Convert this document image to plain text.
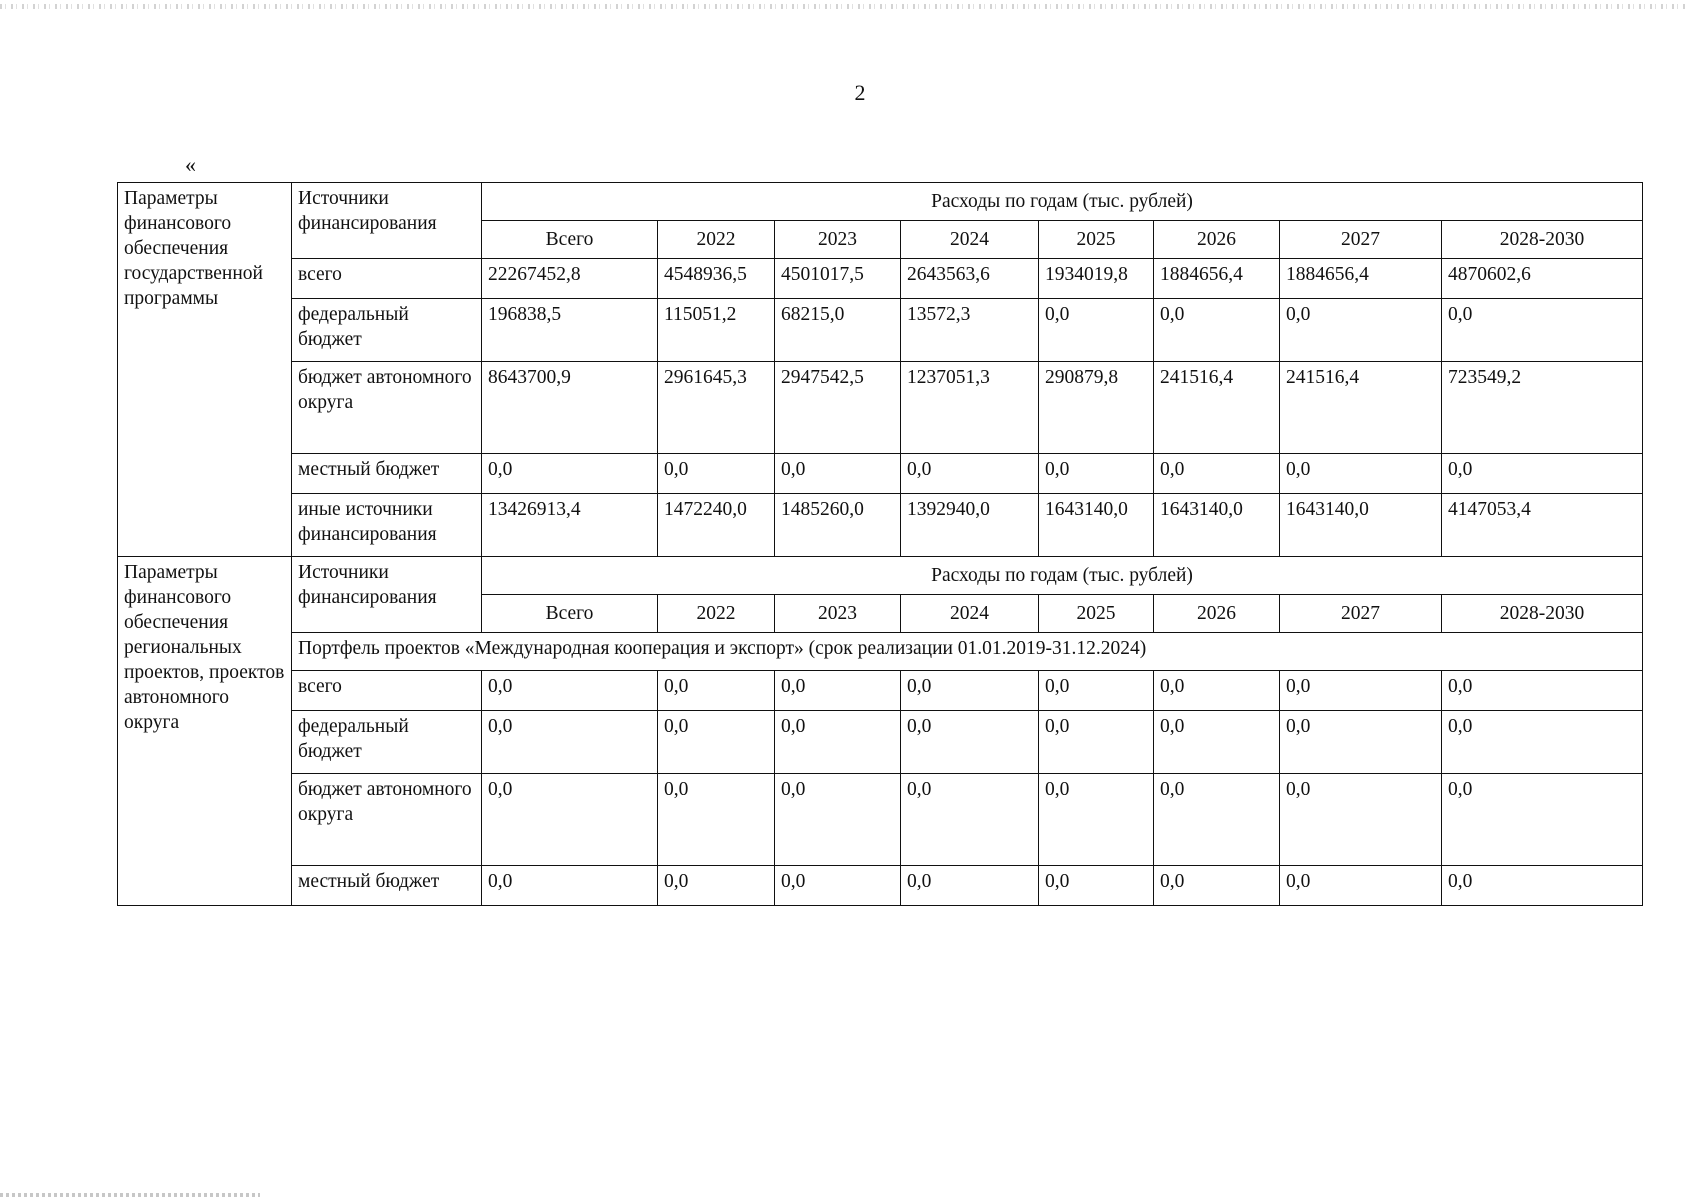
2
«
Параметры финансового обеспечения государственной программы	Источники финансирования	Расходы по годам (тыс. рублей)							
		Всего	2022	2023	2024	2025	2026	2027	2028-2030
	всего	22267452,8	4548936,5	4501017,5	2643563,6	1934019,8	1884656,4	1884656,4	4870602,6
	федеральный бюджет	196838,5	115051,2	68215,0	13572,3	0,0	0,0	0,0	0,0
	бюджет автономного округа	8643700,9	2961645,3	2947542,5	1237051,3	290879,8	241516,4	241516,4	723549,2
	местный бюджет	0,0	0,0	0,0	0,0	0,0	0,0	0,0	0,0
	иные источники финансирования	13426913,4	1472240,0	1485260,0	1392940,0	1643140,0	1643140,0	1643140,0	4147053,4
Параметры финансового обеспечения региональных проектов, проектов автономного округа	Источники финансирования	Расходы по годам (тыс. рублей)							
		Всего	2022	2023	2024	2025	2026	2027	2028-2030
	Портфель проектов «Международная кооперация и экспорт» (срок реализации 01.01.2019-31.12.2024)								
	всего	0,0	0,0	0,0	0,0	0,0	0,0	0,0	0,0
	федеральный бюджет	0,0	0,0	0,0	0,0	0,0	0,0	0,0	0,0
	бюджет автономного округа	0,0	0,0	0,0	0,0	0,0	0,0	0,0	0,0
	местный бюджет	0,0	0,0	0,0	0,0	0,0	0,0	0,0	0,0
